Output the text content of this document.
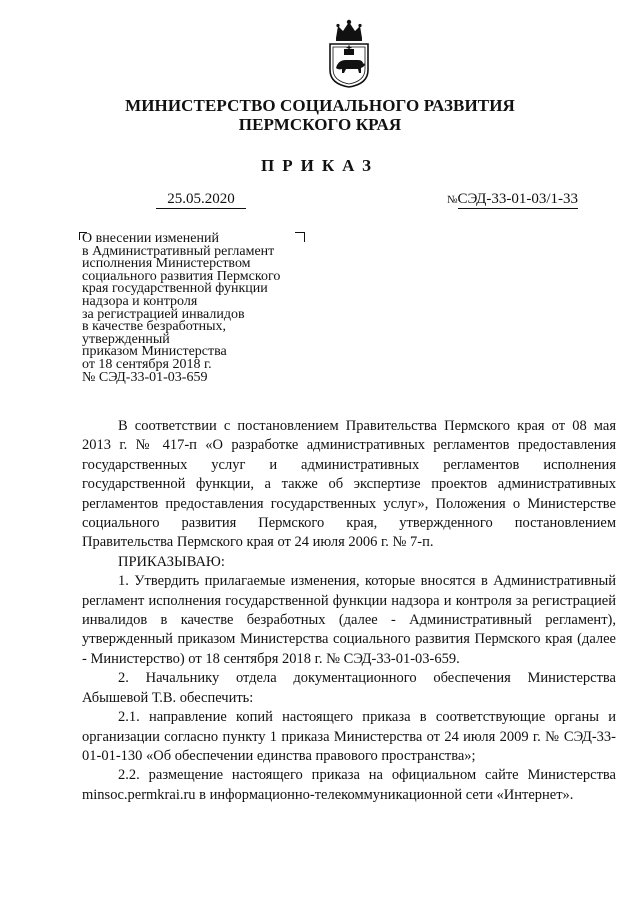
МИНИСТЕРСТВО СОЦИАЛЬНОГО РАЗВИТИЯ
ПЕРМСКОГО КРАЯ
ПРИКАЗ
25.05.2020	№СЭД-33-01-03/1-33
О внесении изменений
в Административный регламент
исполнения Министерством
социального развития Пермского
края государственной функции
надзора и контроля
за регистрацией инвалидов
в качестве безработных,
утвержденный
приказом Министерства
от 18 сентября 2018 г.
№ СЭД-33-01-03-659

В соответствии с постановлением Правительства Пермского края от 08 мая 2013 г. № 417-п «О разработке административных регламентов предоставления государственных услуг и административных регламентов исполнения государственной функции, а также об экспертизе проектов административных регламентов предоставления государственных услуг», Положения о Министерстве социального развития Пермского края, утвержденного постановлением Правительства Пермского края от 24 июля 2006 г. № 7-п.

ПРИКАЗЫВАЮ:

1. Утвердить прилагаемые изменения, которые вносятся в Административный регламент исполнения государственной функции надзора и контроля за регистрацией инвалидов в качестве безработных (далее - Административный регламент), утвержденный приказом Министерства социального развития Пермского края (далее - Министерство) от 18 сентября 2018 г. № СЭД-33-01-03-659.

2. Начальнику отдела документационного обеспечения Министерства Абышевой Т.В. обеспечить:

2.1. направление копий настоящего приказа в соответствующие органы и организации согласно пункту 1 приказа Министерства от 24 июля 2009 г. № СЭД-33-01-01-130 «Об обеспечении единства правового пространства»;

2.2. размещение настоящего приказа на официальном сайте Министерства minsoc.permkrai.ru в информационно-телекоммуникационной сети «Интернет».
